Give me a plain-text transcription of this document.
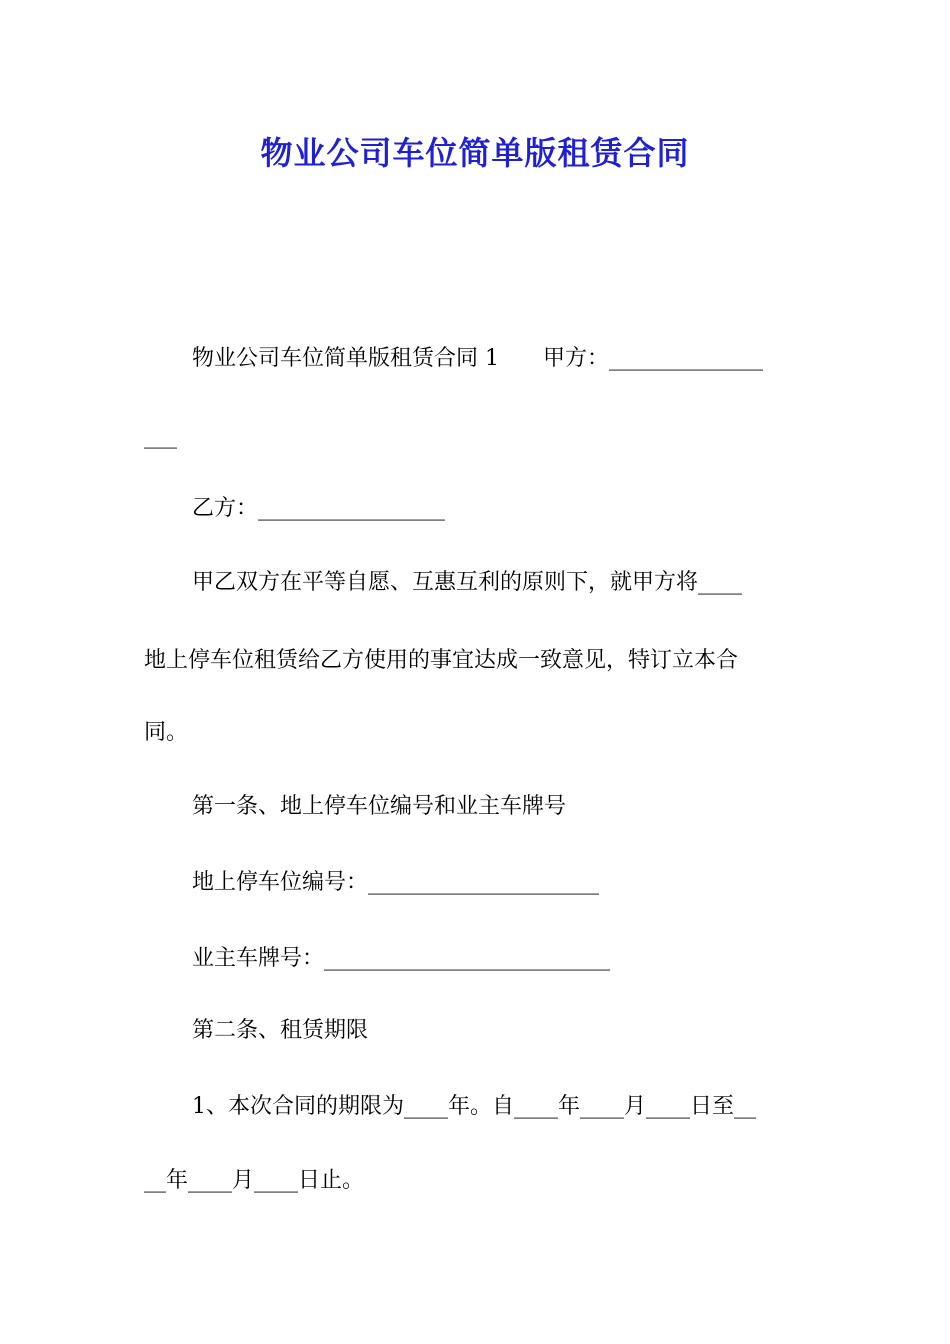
物业公司车位简单版租赁合同
物业公司车位简单版租赁合同 1　　甲方：______________
___
乙方：_________________
甲乙双方在平等自愿、互惠互利的原则下，就甲方将____
地上停车位租赁给乙方使用的事宜达成一致意见，特订立本合
同。
第一条、地上停车位编号和业主车牌号
地上停车位编号：_____________________
业主车牌号：__________________________
第二条、租赁期限
1、本次合同的期限为____年。自____年____月____日至__
__年____月____日止。
